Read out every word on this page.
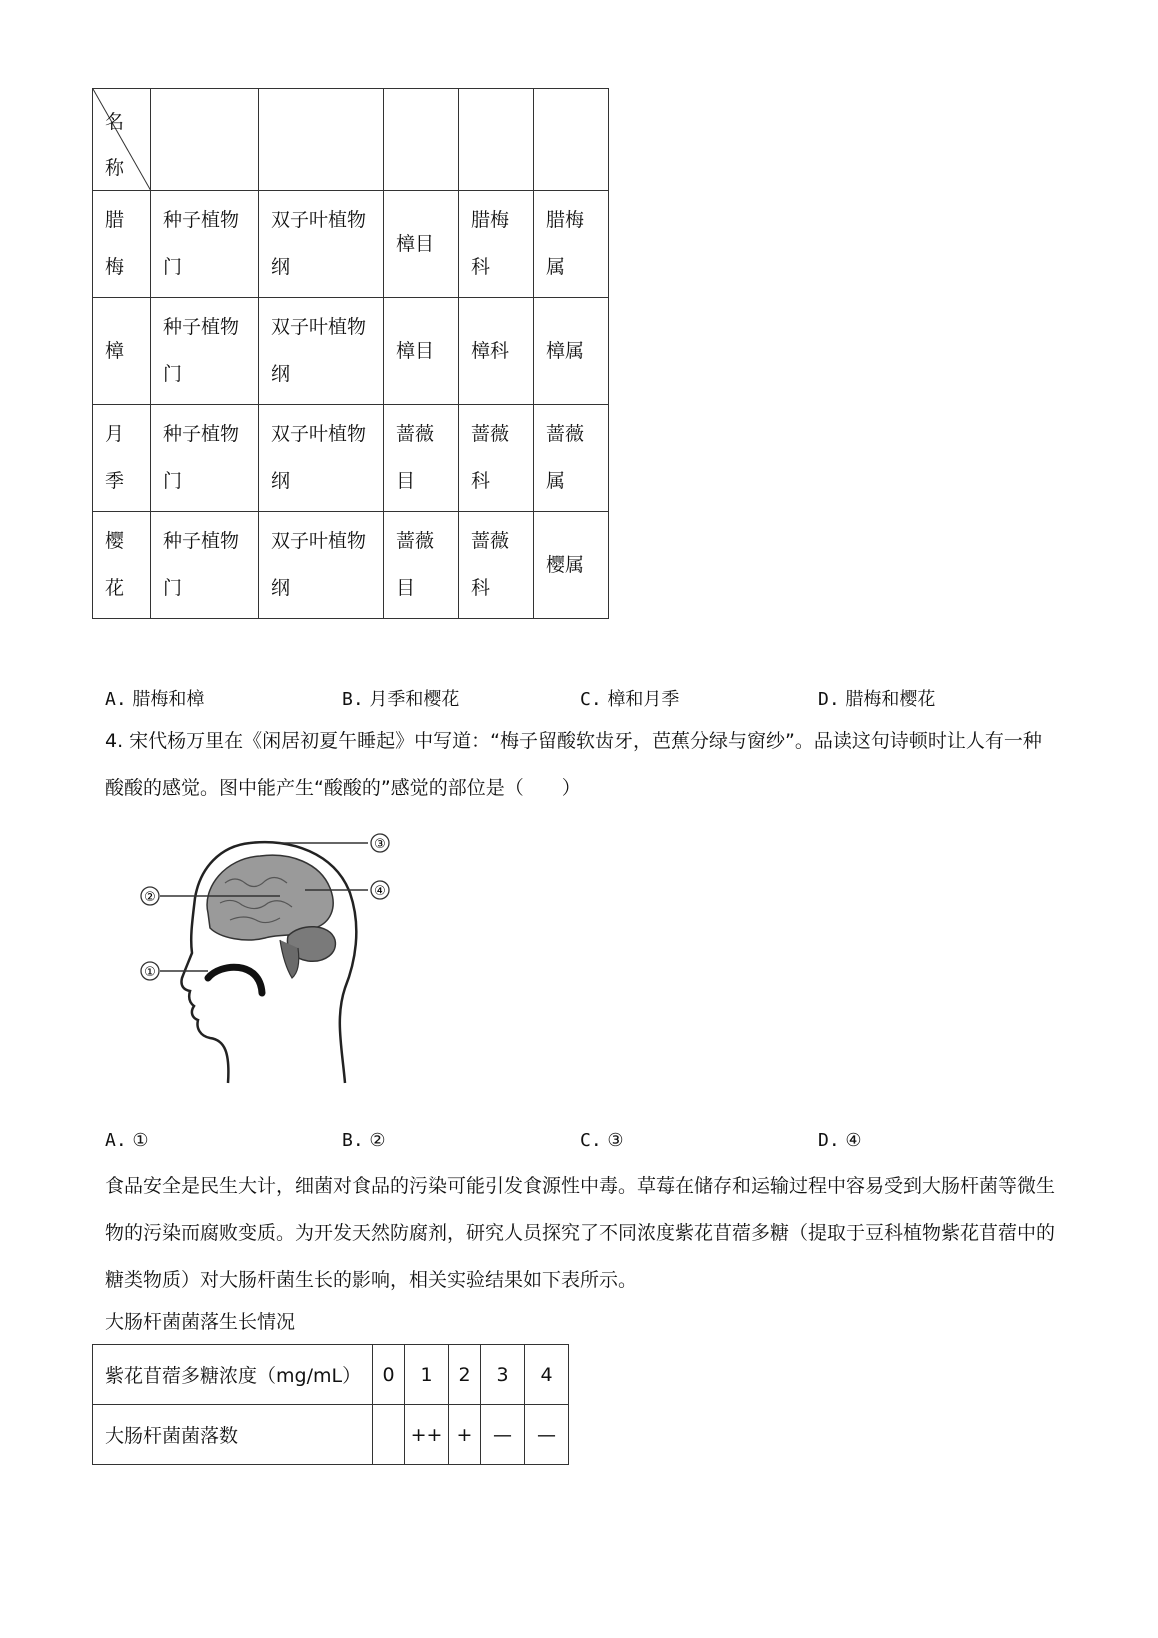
名称					

腊梅	种子植物门	双子叶植物纲	樟目	腊梅科	腊梅属
樟	种子植物门	双子叶植物纲	樟目	樟科	樟属
月季	种子植物门	双子叶植物纲	蔷薇目	蔷薇科	蔷薇属
樱花	种子植物门	双子叶植物纲	蔷薇目	蔷薇科	樱属
A. 腊梅和樟	B. 月季和樱花	C. 樟和月季	D. 腊梅和樱花

4. 宋代杨万里在《闲居初夏午睡起》中写道：“梅子留酸软齿牙，芭蕉分绿与窗纱”。品读这句诗顿时让人有一种酸酸的感觉。图中能产生“酸酸的”感觉的部位是（　　）

③
④
②
①
A. ①	B. ②	C. ③	D. ④

食品安全是民生大计，细菌对食品的污染可能引发食源性中毒。草莓在储存和运输过程中容易受到大肠杆菌等微生物的污染而腐败变质。为开发天然防腐剂，研究人员探究了不同浓度紫花苜蓿多糖（提取于豆科植物紫花苜蓿中的糖类物质）对大肠杆菌生长的影响，相关实验结果如下表所示。

大肠杆菌菌落生长情况
紫花苜蓿多糖浓度（mg/mL）	0	1	2	3	4
大肠杆菌菌落数		++	+	—	—
